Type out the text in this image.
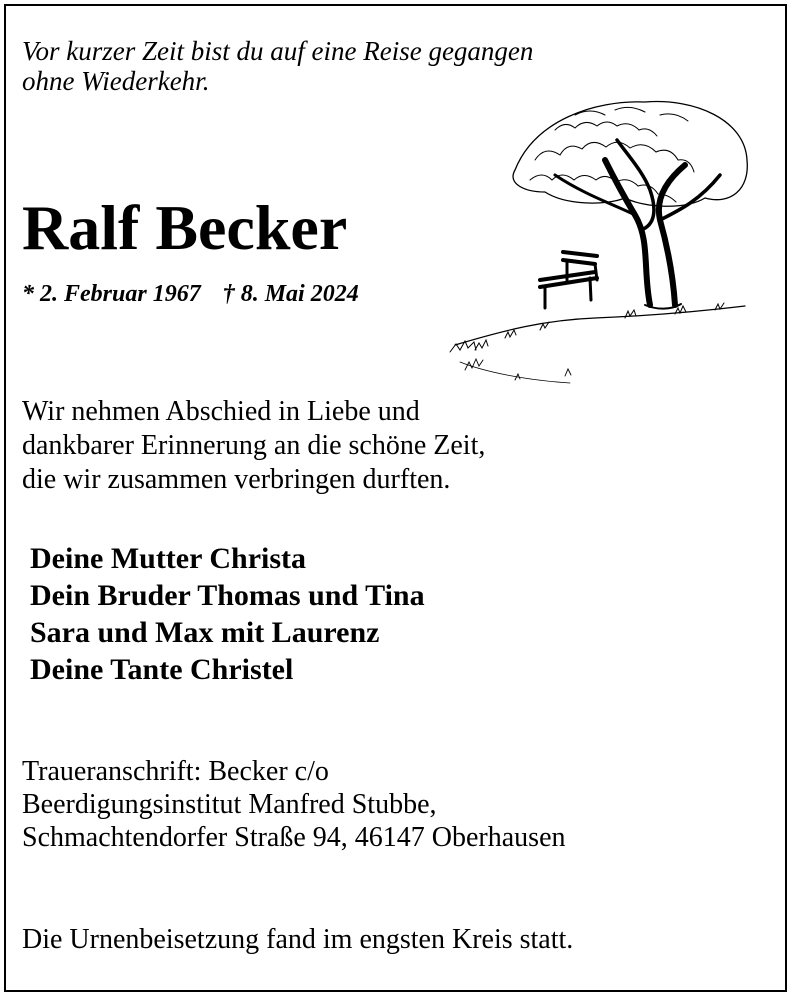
Vor kurzer Zeit bist du auf eine Reise gegangen
ohne Wiederkehr.
Ralf Becker
* 2. Februar 1967 † 8. Mai 2024
Wir nehmen Abschied in Liebe und
dankbarer Erinnerung an die schöne Zeit,
die wir zusammen verbringen durften.
Deine Mutter Christa
Dein Bruder Thomas und Tina
Sara und Max mit Laurenz
Deine Tante Christel
Traueranschrift: Becker c/o
Beerdigungsinstitut Manfred Stubbe,
Schmachtendorfer Straße 94, 46147 Oberhausen
Die Urnenbeisetzung fand im engsten Kreis statt.
